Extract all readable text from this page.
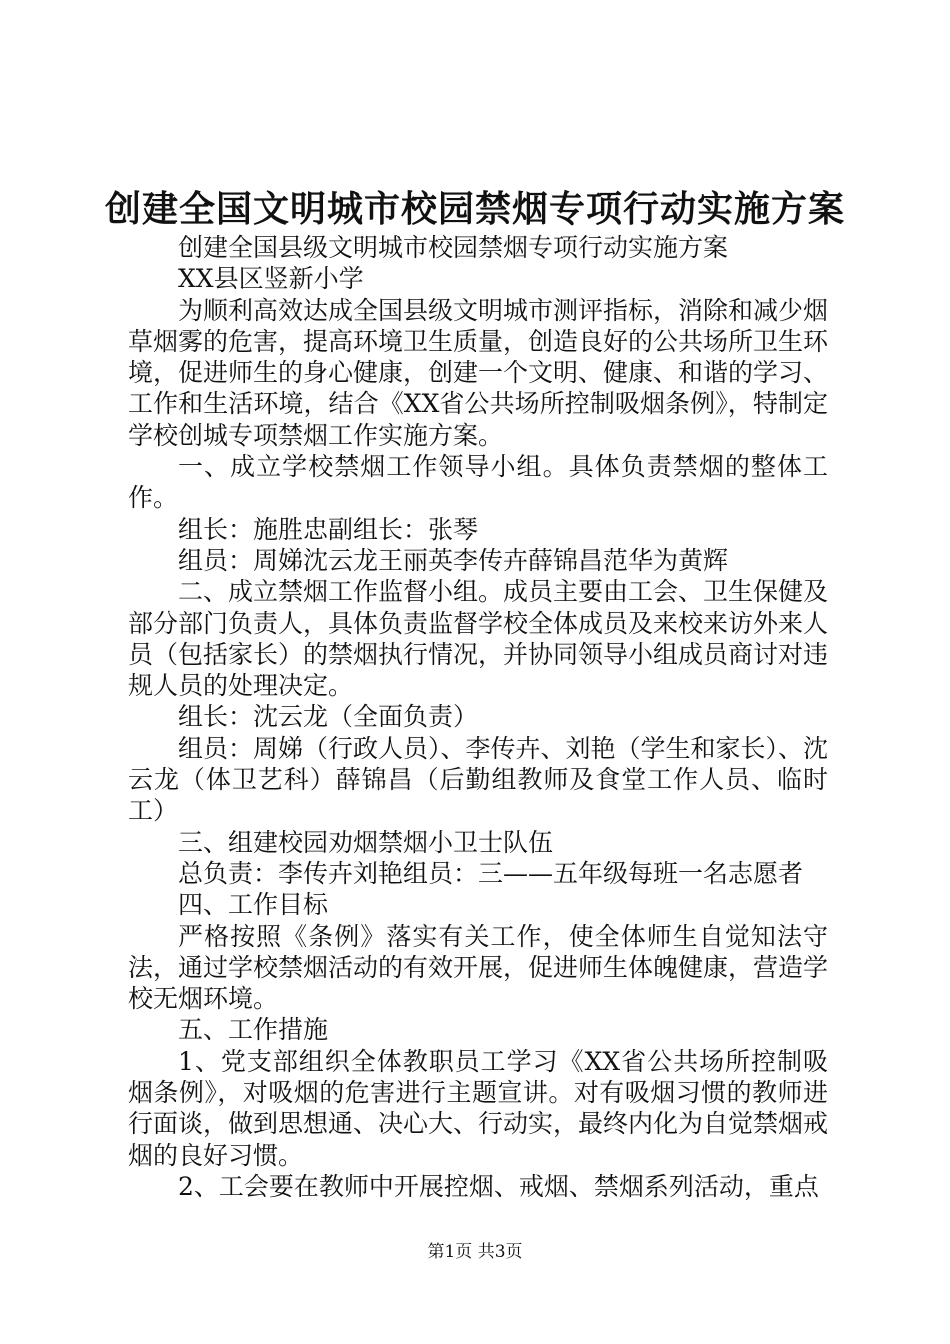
创建全国文明城市校园禁烟专项行动实施方案

创建全国县级文明城市校园禁烟专项行动实施方案

XX县区竖新小学

为顺利高效达成全国县级文明城市测评指标，消除和减少烟草烟雾的危害，提高环境卫生质量，创造良好的公共场所卫生环境，促进师生的身心健康，创建一个文明、健康、和谐的学习、工作和生活环境，结合《XX省公共场所控制吸烟条例》，特制定学校创城专项禁烟工作实施方案。

一、成立学校禁烟工作领导小组。具体负责禁烟的整体工作。

组长：施胜忠副组长：张琴

组员：周娣沈云龙王丽英李传卉薛锦昌范华为黄辉

二、成立禁烟工作监督小组。成员主要由工会、卫生保健及部分部门负责人，具体负责监督学校全体成员及来校来访外来人员（包括家长）的禁烟执行情况，并协同领导小组成员商讨对违规人员的处理决定。

组长：沈云龙（全面负责）

组员：周娣（行政人员）、李传卉、刘艳（学生和家长）、沈云龙（体卫艺科）薛锦昌（后勤组教师及食堂工作人员、临时工）

三、组建校园劝烟禁烟小卫士队伍

总负责：李传卉刘艳组员：三——五年级每班一名志愿者

四、工作目标

严格按照《条例》落实有关工作，使全体师生自觉知法守法，通过学校禁烟活动的有效开展，促进师生体魄健康，营造学校无烟环境。

五、工作措施

1、党支部组织全体教职员工学习《XX省公共场所控制吸烟条例》，对吸烟的危害进行主题宣讲。对有吸烟习惯的教师进行面谈，做到思想通、决心大、行动实，最终内化为自觉禁烟戒烟的良好习惯。

2、工会要在教师中开展控烟、戒烟、禁烟系列活动，重点

第1页 共3页
